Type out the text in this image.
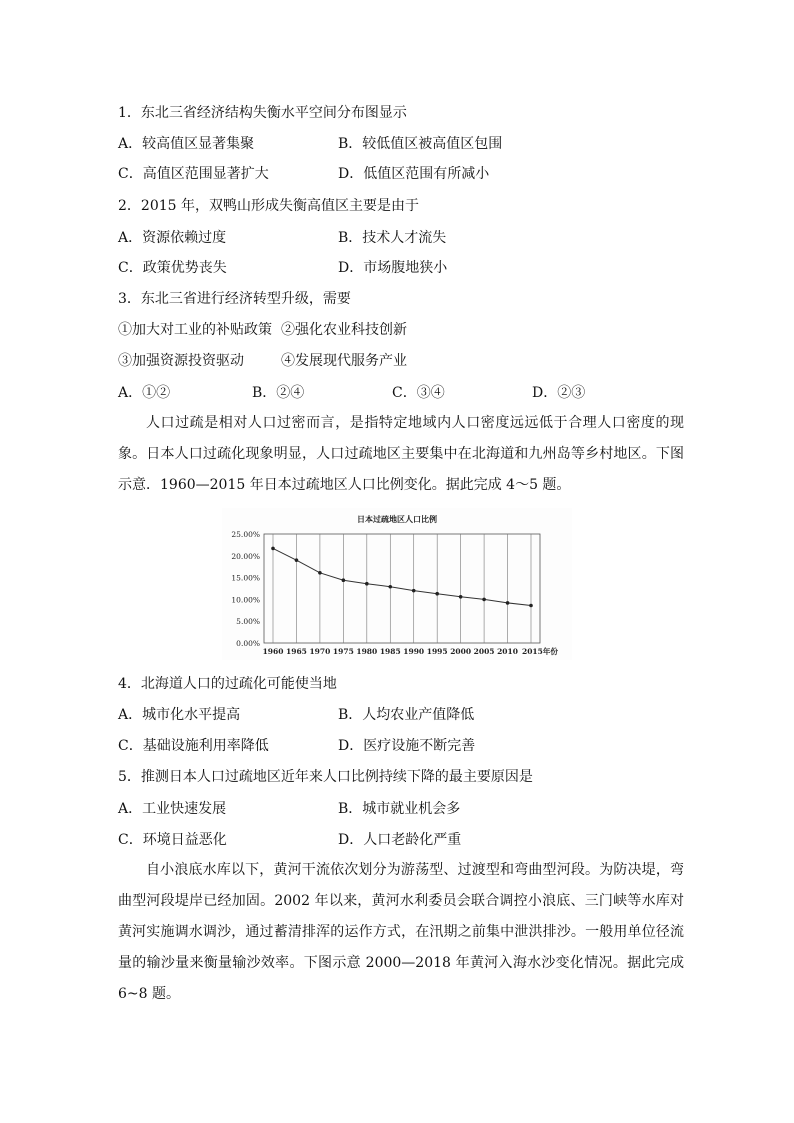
1．东北三省经济结构失衡水平空间分布图显示
A．较高值区显著集聚	B．较低值区被高值区包围
C．高值区范围显著扩大	D．低值区范围有所减小
2．2015 年，双鸭山形成失衡高值区主要是由于
A．资源依赖过度	B．技术人才流失
C．政策优势丧失	D．市场腹地狭小
3．东北三省进行经济转型升级，需要
①加大对工业的补贴政策 ②强化农业科技创新
③加强资源投资驱动	④发展现代服务产业
A．①②	B．②④	C．③④	D．②③
人口过疏是相对人口过密而言，是指特定地域内人口密度远远低于合理人口密度的现象。日本人口过疏化现象明显，人口过疏地区主要集中在北海道和九州岛等乡村地区。下图示意．1960—2015 年日本过疏地区人口比例变化。据此完成 4～5 题。
日本过疏地区人口比例
25.00%
20.00%
15.00%
10.00%
5.00%
0.00%
1960 1965 1970 1975 1980 1985 1990 1995 2000 2005 2010 2015年份
4．北海道人口的过疏化可能使当地
A．城市化水平提高	B．人均农业产值降低
C．基础设施利用率降低	D．医疗设施不断完善
5．推测日本人口过疏地区近年来人口比例持续下降的最主要原因是
A．工业快速发展	B．城市就业机会多
C．环境日益恶化	D．人口老龄化严重
自小浪底水库以下，黄河干流依次划分为游荡型、过渡型和弯曲型河段。为防决堤，弯曲型河段堤岸已经加固。2002 年以来，黄河水利委员会联合调控小浪底、三门峡等水库对黄河实施调水调沙，通过蓄清排浑的运作方式，在汛期之前集中泄洪排沙。一般用单位径流量的输沙量来衡量输沙效率。下图示意 2000—2018 年黄河入海水沙变化情况。据此完成 6~8 题。
